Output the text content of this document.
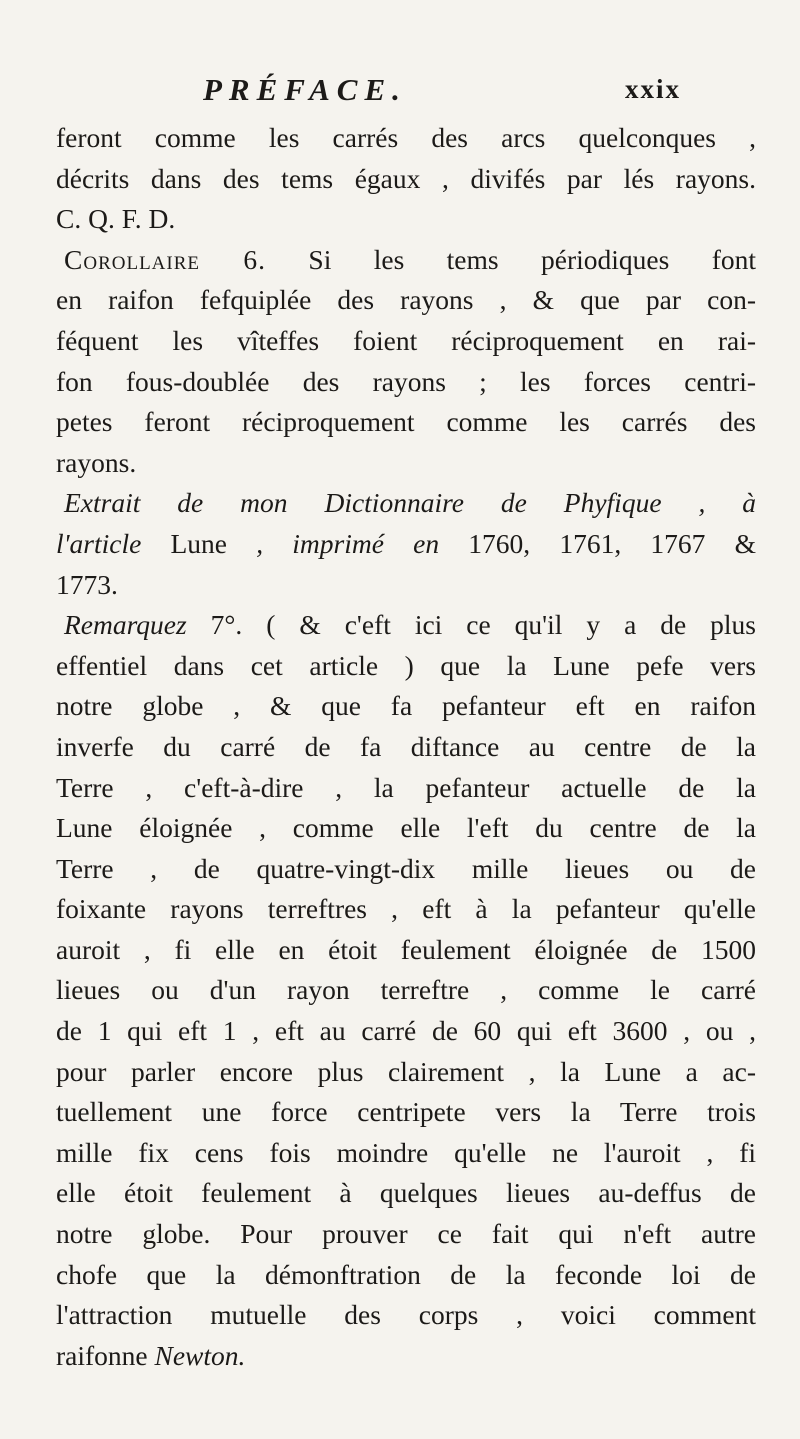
PRÉFACE.	xxix
feront comme les carrés des arcs quelconques ,
décrits dans des tems égaux , divifés par lés rayons.
C. Q. F. D.
Corollaire 6. Si les tems périodiques font
en raifon fefquiplée des rayons , & que par con-
féquent les vîteffes foient réciproquement en rai-
fon fous-doublée des rayons ; les forces centri-
petes feront réciproquement comme les carrés des
rayons.
Extrait de mon Dictionnaire de Phyfique , à
l'article Lune , imprimé en 1760, 1761, 1767 &
1773.
Remarquez 7°. ( & c'eft ici ce qu'il y a de plus
effentiel dans cet article ) que la Lune pefe vers
notre globe , & que fa pefanteur eft en raifon
inverfe du carré de fa diftance au centre de la
Terre , c'eft-à-dire , la pefanteur actuelle de la
Lune éloignée , comme elle l'eft du centre de la
Terre , de quatre-vingt-dix mille lieues ou de
foixante rayons terreftres , eft à la pefanteur qu'elle
auroit , fi elle en étoit feulement éloignée de 1500
lieues ou d'un rayon terreftre , comme le carré
de 1 qui eft 1 , eft au carré de 60 qui eft 3600 , ou ,
pour parler encore plus clairement , la Lune a ac-
tuellement une force centripete vers la Terre trois
mille fix cens fois moindre qu'elle ne l'auroit , fi
elle étoit feulement à quelques lieues au-deffus de
notre globe. Pour prouver ce fait qui n'eft autre
chofe que la démonftration de la feconde loi de
l'attraction mutuelle des corps , voici comment
raifonne Newton.
